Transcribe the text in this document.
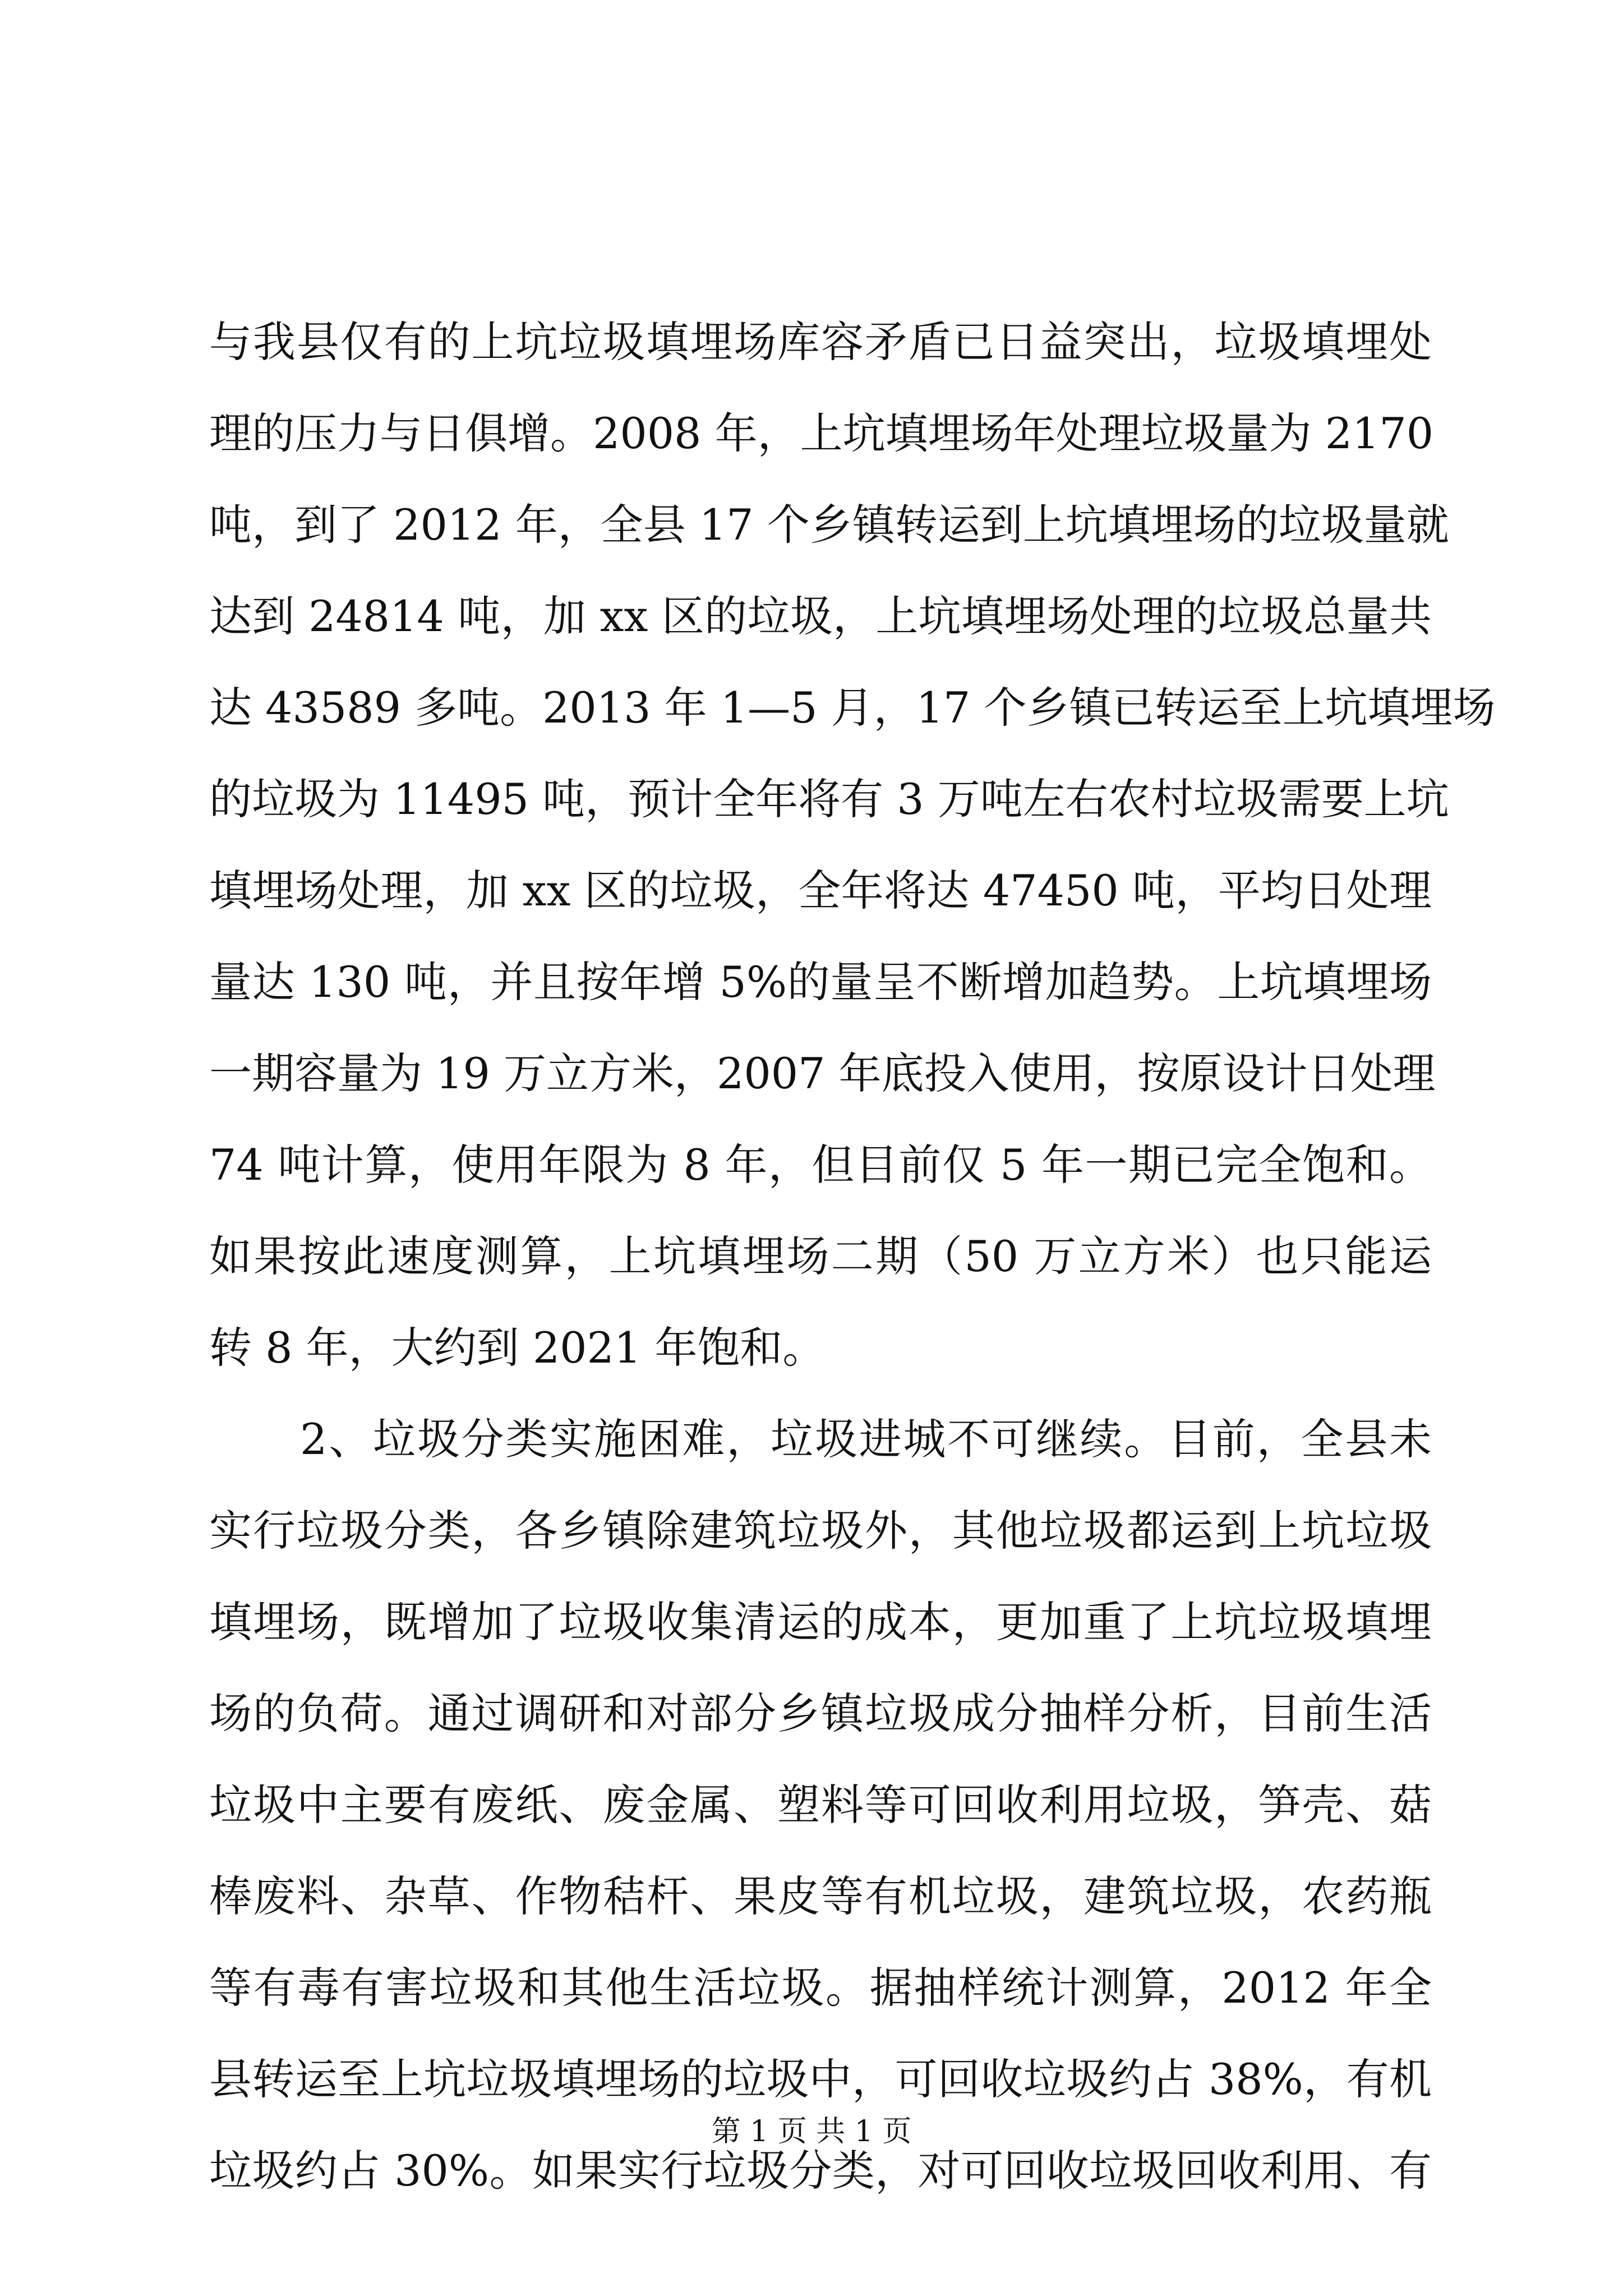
与我县仅有的上坑垃圾填埋场库容矛盾已日益突出，垃圾填埋处
理的压力与日俱增。2008 年，上坑填埋场年处理垃圾量为 2170
吨，到了 2012 年，全县 17 个乡镇转运到上坑填埋场的垃圾量就
达到 24814 吨，加 xx 区的垃圾，上坑填埋场处理的垃圾总量共
达 43589 多吨。2013 年 1—5 月，17 个乡镇已转运至上坑填埋场
的垃圾为 11495 吨，预计全年将有 3 万吨左右农村垃圾需要上坑
填埋场处理，加 xx 区的垃圾，全年将达 47450 吨，平均日处理
量达 130 吨，并且按年增 5%的量呈不断增加趋势。上坑填埋场
一期容量为 19 万立方米，2007 年底投入使用，按原设计日处理
74 吨计算，使用年限为 8 年，但目前仅 5 年一期已完全饱和。
如果按此速度测算，上坑填埋场二期（50 万立方米）也只能运
转 8 年，大约到 2021 年饱和。
2、垃圾分类实施困难，垃圾进城不可继续。目前，全县未
实行垃圾分类，各乡镇除建筑垃圾外，其他垃圾都运到上坑垃圾
填埋场，既增加了垃圾收集清运的成本，更加重了上坑垃圾填埋
场的负荷。通过调研和对部分乡镇垃圾成分抽样分析，目前生活
垃圾中主要有废纸、废金属、塑料等可回收利用垃圾，笋壳、菇
棒废料、杂草、作物秸杆、果皮等有机垃圾，建筑垃圾，农药瓶
等有毒有害垃圾和其他生活垃圾。据抽样统计测算，2012 年全
县转运至上坑垃圾填埋场的垃圾中，可回收垃圾约占 38%，有机
垃圾约占 30%。如果实行垃圾分类，对可回收垃圾回收利用、有
第 1 页 共 1 页
